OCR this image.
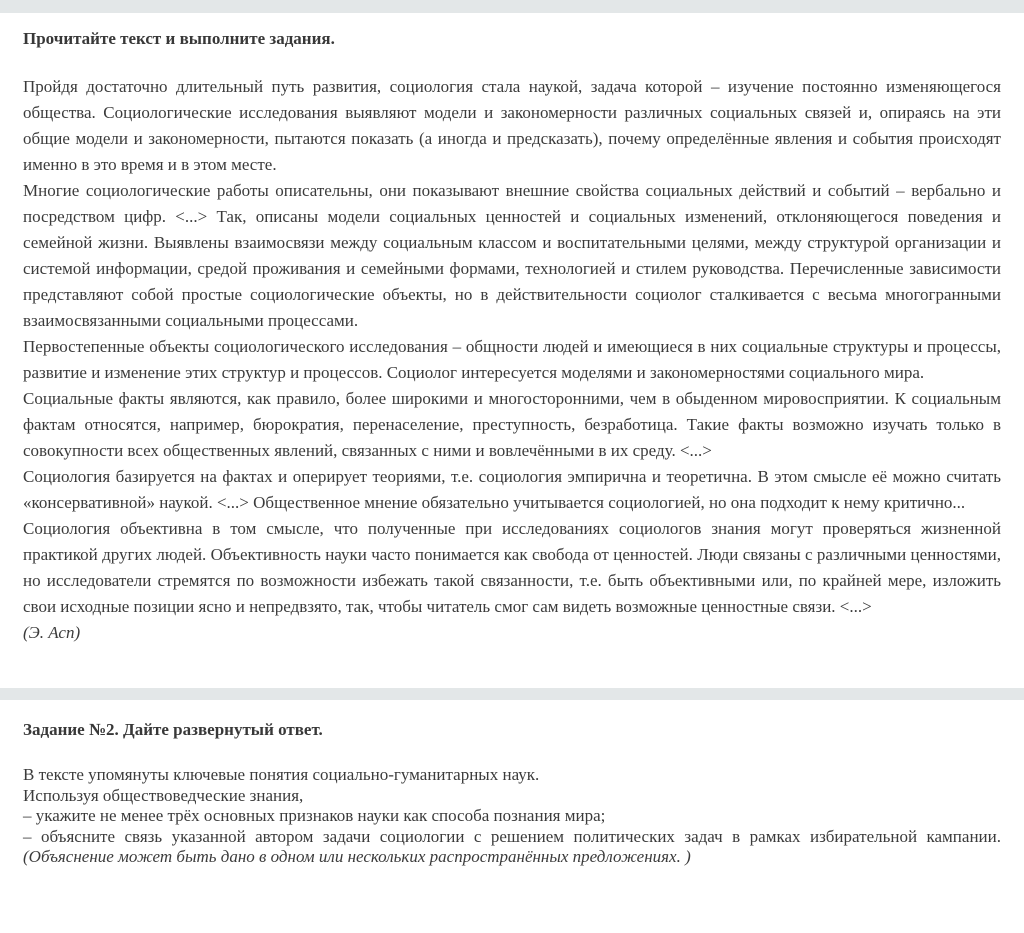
Прочитайте текст и выполните задания.

Пройдя достаточно длительный путь развития, социология стала наукой, задача которой – изучение постоянно изменяющегося общества. Социологические исследования выявляют модели и закономерности различных социальных связей и, опираясь на эти общие модели и закономерности, пытаются показать (а иногда и предсказать), почему определённые явления и события происходят именно в это время и в этом месте.

Многие социологические работы описательны, они показывают внешние свойства социальных действий и событий – вербально и посредством цифр. <...> Так, описаны модели социальных ценностей и социальных изменений, отклоняющегося поведения и семейной жизни. Выявлены взаимосвязи между социальным классом и воспитательными целями, между структурой организации и системой информации, средой проживания и семейными формами, технологией и стилем руководства. Перечисленные зависимости представляют собой простые социологические объекты, но в действительности социолог сталкивается с весьма многогранными взаимосвязанными социальными процессами.

Первостепенные объекты социологического исследования – общности людей и имеющиеся в них социальные структуры и процессы, развитие и изменение этих структур и процессов. Социолог интересуется моделями и закономерностями социального мира.

Социальные факты являются, как правило, более широкими и многосторонними, чем в обыденном мировосприятии. К социальным фактам относятся, например, бюрократия, перенаселение, преступность, безработица. Такие факты возможно изучать только в совокупности всех общественных явлений, связанных с ними и вовлечёнными в их среду. <...>

Социология базируется на фактах и оперирует теориями, т.е. социология эмпирична и теоретична. В этом смысле её можно считать «консервативной» наукой. <...> Общественное мнение обязательно учитывается социологией, но она подходит к нему критично...

Социология объективна в том смысле, что полученные при исследованиях социологов знания могут проверяться жизненной практикой других людей. Объективность науки часто понимается как свобода от ценностей. Люди связаны с различными ценностями, но исследователи стремятся по возможности избежать такой связанности, т.е. быть объективными или, по крайней мере, изложить свои исходные позиции ясно и непредвзято, так, чтобы читатель смог сам видеть возможные ценностные связи. <...>

(Э. Асп)

Задание №2. Дайте развернутый ответ.

В тексте упомянуты ключевые понятия социально-гуманитарных наук.

Используя обществоведческие знания,

– укажите не менее трёх основных признаков науки как способа познания мира;

– объясните связь указанной автором задачи социологии с решением политических задач в рамках избирательной кампании.

(Объяснение может быть дано в одном или нескольких распространённых предложениях. )
